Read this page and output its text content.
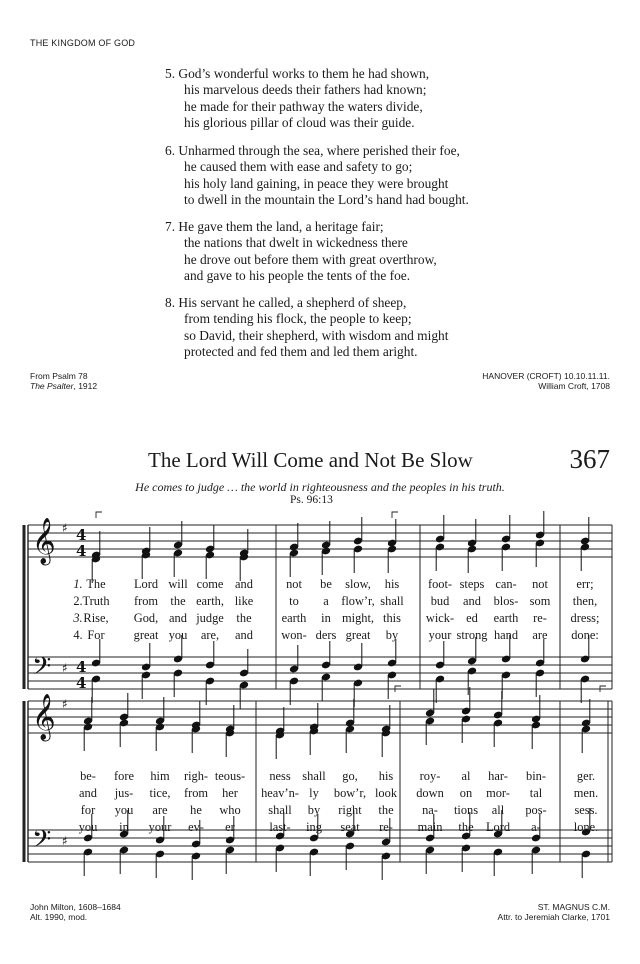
THE KINGDOM OF GOD
5. God’s wonderful works to them he had shown,
his marvelous deeds their fathers had known;
he made for their pathway the waters divide,
his glorious pillar of cloud was their guide.
6. Unharmed through the sea, where perished their foe,
he caused them with ease and safety to go;
his holy land gaining, in peace they were brought
to dwell in the mountain the Lord’s hand had bought.
7. He gave them the land, a heritage fair;
the nations that dwelt in wickedness there
he drove out before them with great overthrow,
and gave to his people the tents of the foe.
8. His servant he called, a shepherd of sheep,
from tending his flock, the people to keep;
so David, their shepherd, with wisdom and might
protected and fed them and led them aright.
From Psalm 78
The Psalter, 1912
HANOVER (CROFT) 10.10.11.11.
William Croft, 1708
The Lord Will Come and Not Be Slow	367
He comes to judge … the world in righteousness and the peoples in his truth.
Ps. 96:13
𝄞 ♯ 4
4
𝄢 ♯ 4
4
𝄞 ♯
𝄢 ♯
1.
2.
3.
4.
The Lord will come and	not be slow, his foot- steps can- not err;
Truth from the earth, like	to a flow’r, shall bud and blos- som then,
Rise, God, and judge the earth in might, this wick- ed earth re- dress;
For great you are, and won- ders great by your strong hand are done:
be- fore him righ- teous- ness shall go, his roy- al har- bin- ger.
and jus- tice, from her heav’n- ly bow’r, look down on mor- tal	men.
for you are he who shall by right the na- tions all pos- sess.
you in your ev- er	last- ing seat re- main the Lord a-	lone.
John Milton, 1608–1684
Alt. 1990, mod.
ST. MAGNUS C.M.
Attr. to Jeremiah Clarke, 1701
